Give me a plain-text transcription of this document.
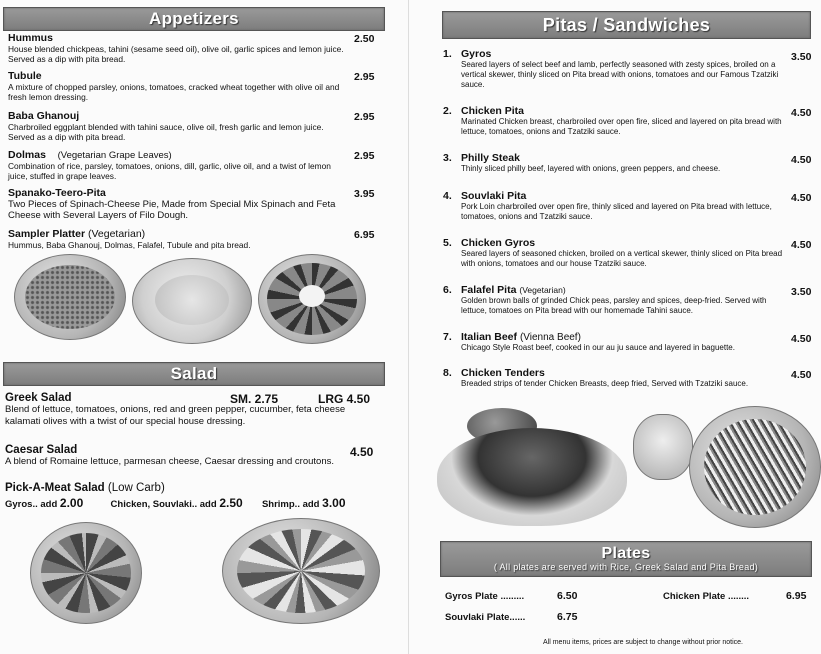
Appetizers
Hummus
House blended chickpeas, tahini (sesame seed oil), olive oil, garlic spices and lemon juice. Served as a dip with pita bread.
2.50
Tubule
A mixture of chopped parsley, onions, tomatoes, cracked wheat together with olive oil and fresh lemon dressing.
2.95
Baba Ghanouj
Charbroiled eggplant blended with tahini sauce, olive oil, fresh garlic and lemon juice. Served as a dip with pita bread.
2.95
Dolmas (Vegetarian Grape Leaves)
Combination of rice, parsley, tomatoes, onions, dill, garlic, olive oil, and a twist of lemon juice, stuffed in grape leaves.
2.95
Spanako-Teero-Pita
Two Pieces of Spinach-Cheese Pie, Made from Special Mix Spinach and Feta Cheese with Several Layers of Filo Dough.
3.95
Sampler Platter (Vegetarian)
Hummus, Baba Ghanouj, Dolmas, Falafel, Tubule and pita bread.
6.95
Salad
Greek Salad
Blend of lettuce, tomatoes, onions, red and green pepper, cucumber, feta cheese kalamati olives with a twist of our special house dressing.
SM. 2.75	LRG 4.50
Caesar Salad
A blend of Romaine lettuce, parmesan cheese, Caesar dressing and croutons.
4.50
Pick-A-Meat Salad (Low Carb)
Gyros.. add 2.00	Chicken, Souvlaki.. add 2.50 Shrimp.. add 3.00
Pitas / Sandwiches
1. Gyros
Seared layers of select beef and lamb, perfectly seasoned with zesty spices, broiled on a vertical skewer, thinly sliced on Pita bread with onions, tomatoes and our Famous Tzatziki sauce.
3.50
2. Chicken Pita
Marinated Chicken breast, charbroiled over open fire, sliced and layered on pita bread with lettuce, tomatoes, onions and Tzatziki sauce.
4.50
3. Philly Steak
Thinly sliced philly beef, layered with onions, green peppers, and cheese.
4.50
4. Souvlaki Pita
Pork Loin charbroiled over open fire, thinly sliced and layered on Pita bread with lettuce, tomatoes, onions and Tzatziki sauce.
4.50
5. Chicken Gyros
Seared layers of seasoned chicken, broiled on a vertical skewer, thinly sliced on Pita bread with onions, tomatoes and our house Tzatziki sauce.
4.50
6. Falafel Pita (Vegetarian)
Golden brown balls of grinded Chick peas, parsley and spices, deep-fried. Served with lettuce, tomatoes on Pita bread with our homemade Tahini sauce.
3.50
7. Italian Beef (Vienna Beef)
Chicago Style Roast beef, cooked in our au ju sauce and layered in baguette.
4.50
8. Chicken Tenders
Breaded strips of tender Chicken Breasts, deep fried, Served with Tzatziki sauce.
4.50
Plates
( All plates are served with Rice, Greek Salad and Pita Bread)
Gyros Plate .........	6.50	Chicken Plate ........	6.95
Souvlaki Plate......	6.75
All menu items, prices are subject to change without prior notice.
